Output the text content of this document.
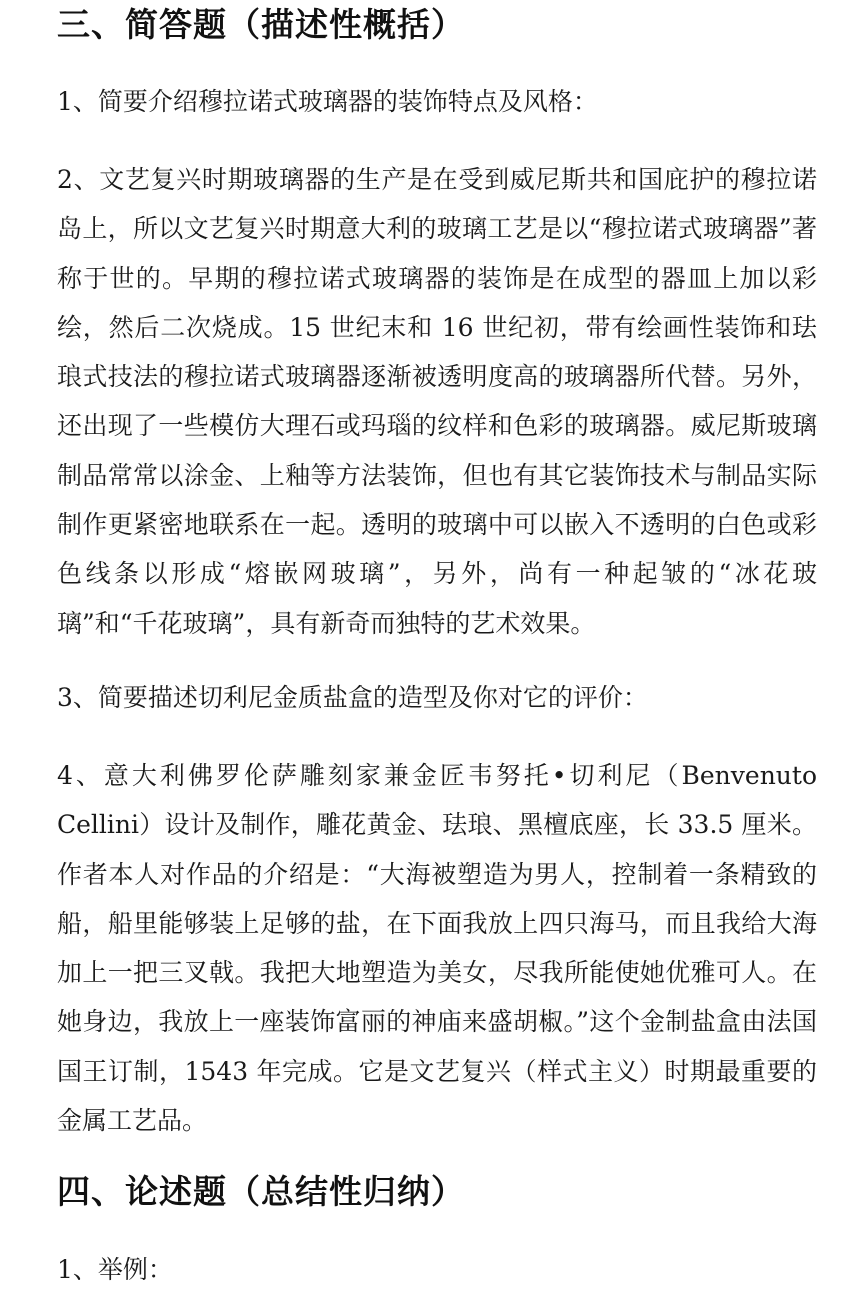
三、简答题（描述性概括）

1、简要介绍穆拉诺式玻璃器的装饰特点及风格：

2、文艺复兴时期玻璃器的生产是在受到威尼斯共和国庇护的穆拉诺岛上，所以文艺复兴时期意大利的玻璃工艺是以“穆拉诺式玻璃器”著称于世的。早期的穆拉诺式玻璃器的装饰是在成型的器皿上加以彩绘，然后二次烧成。15 世纪末和 16 世纪初，带有绘画性装饰和珐琅式技法的穆拉诺式玻璃器逐渐被透明度高的玻璃器所代替。另外，还出现了一些模仿大理石或玛瑙的纹样和色彩的玻璃器。威尼斯玻璃制品常常以涂金、上釉等方法装饰，但也有其它装饰技术与制品实际制作更紧密地联系在一起。透明的玻璃中可以嵌入不透明的白色或彩色线条以形成“熔嵌网玻璃”，另外，尚有一种起皱的“冰花玻璃”和“千花玻璃”，具有新奇而独特的艺术效果。

3、简要描述切利尼金质盐盒的造型及你对它的评价：

4、意大利佛罗伦萨雕刻家兼金匠韦努托•切利尼（Benvenuto Cellini）设计及制作，雕花黄金、珐琅、黑檀底座，长 33.5 厘米。作者本人对作品的介绍是：“大海被塑造为男人，控制着一条精致的船，船里能够装上足够的盐，在下面我放上四只海马，而且我给大海加上一把三叉戟。我把大地塑造为美女，尽我所能使她优雅可人。在她身边，我放上一座装饰富丽的神庙来盛胡椒。”这个金制盐盒由法国国王订制，1543 年完成。它是文艺复兴（样式主义）时期最重要的金属工艺品。

四、论述题（总结性归纳）

1、举例：
